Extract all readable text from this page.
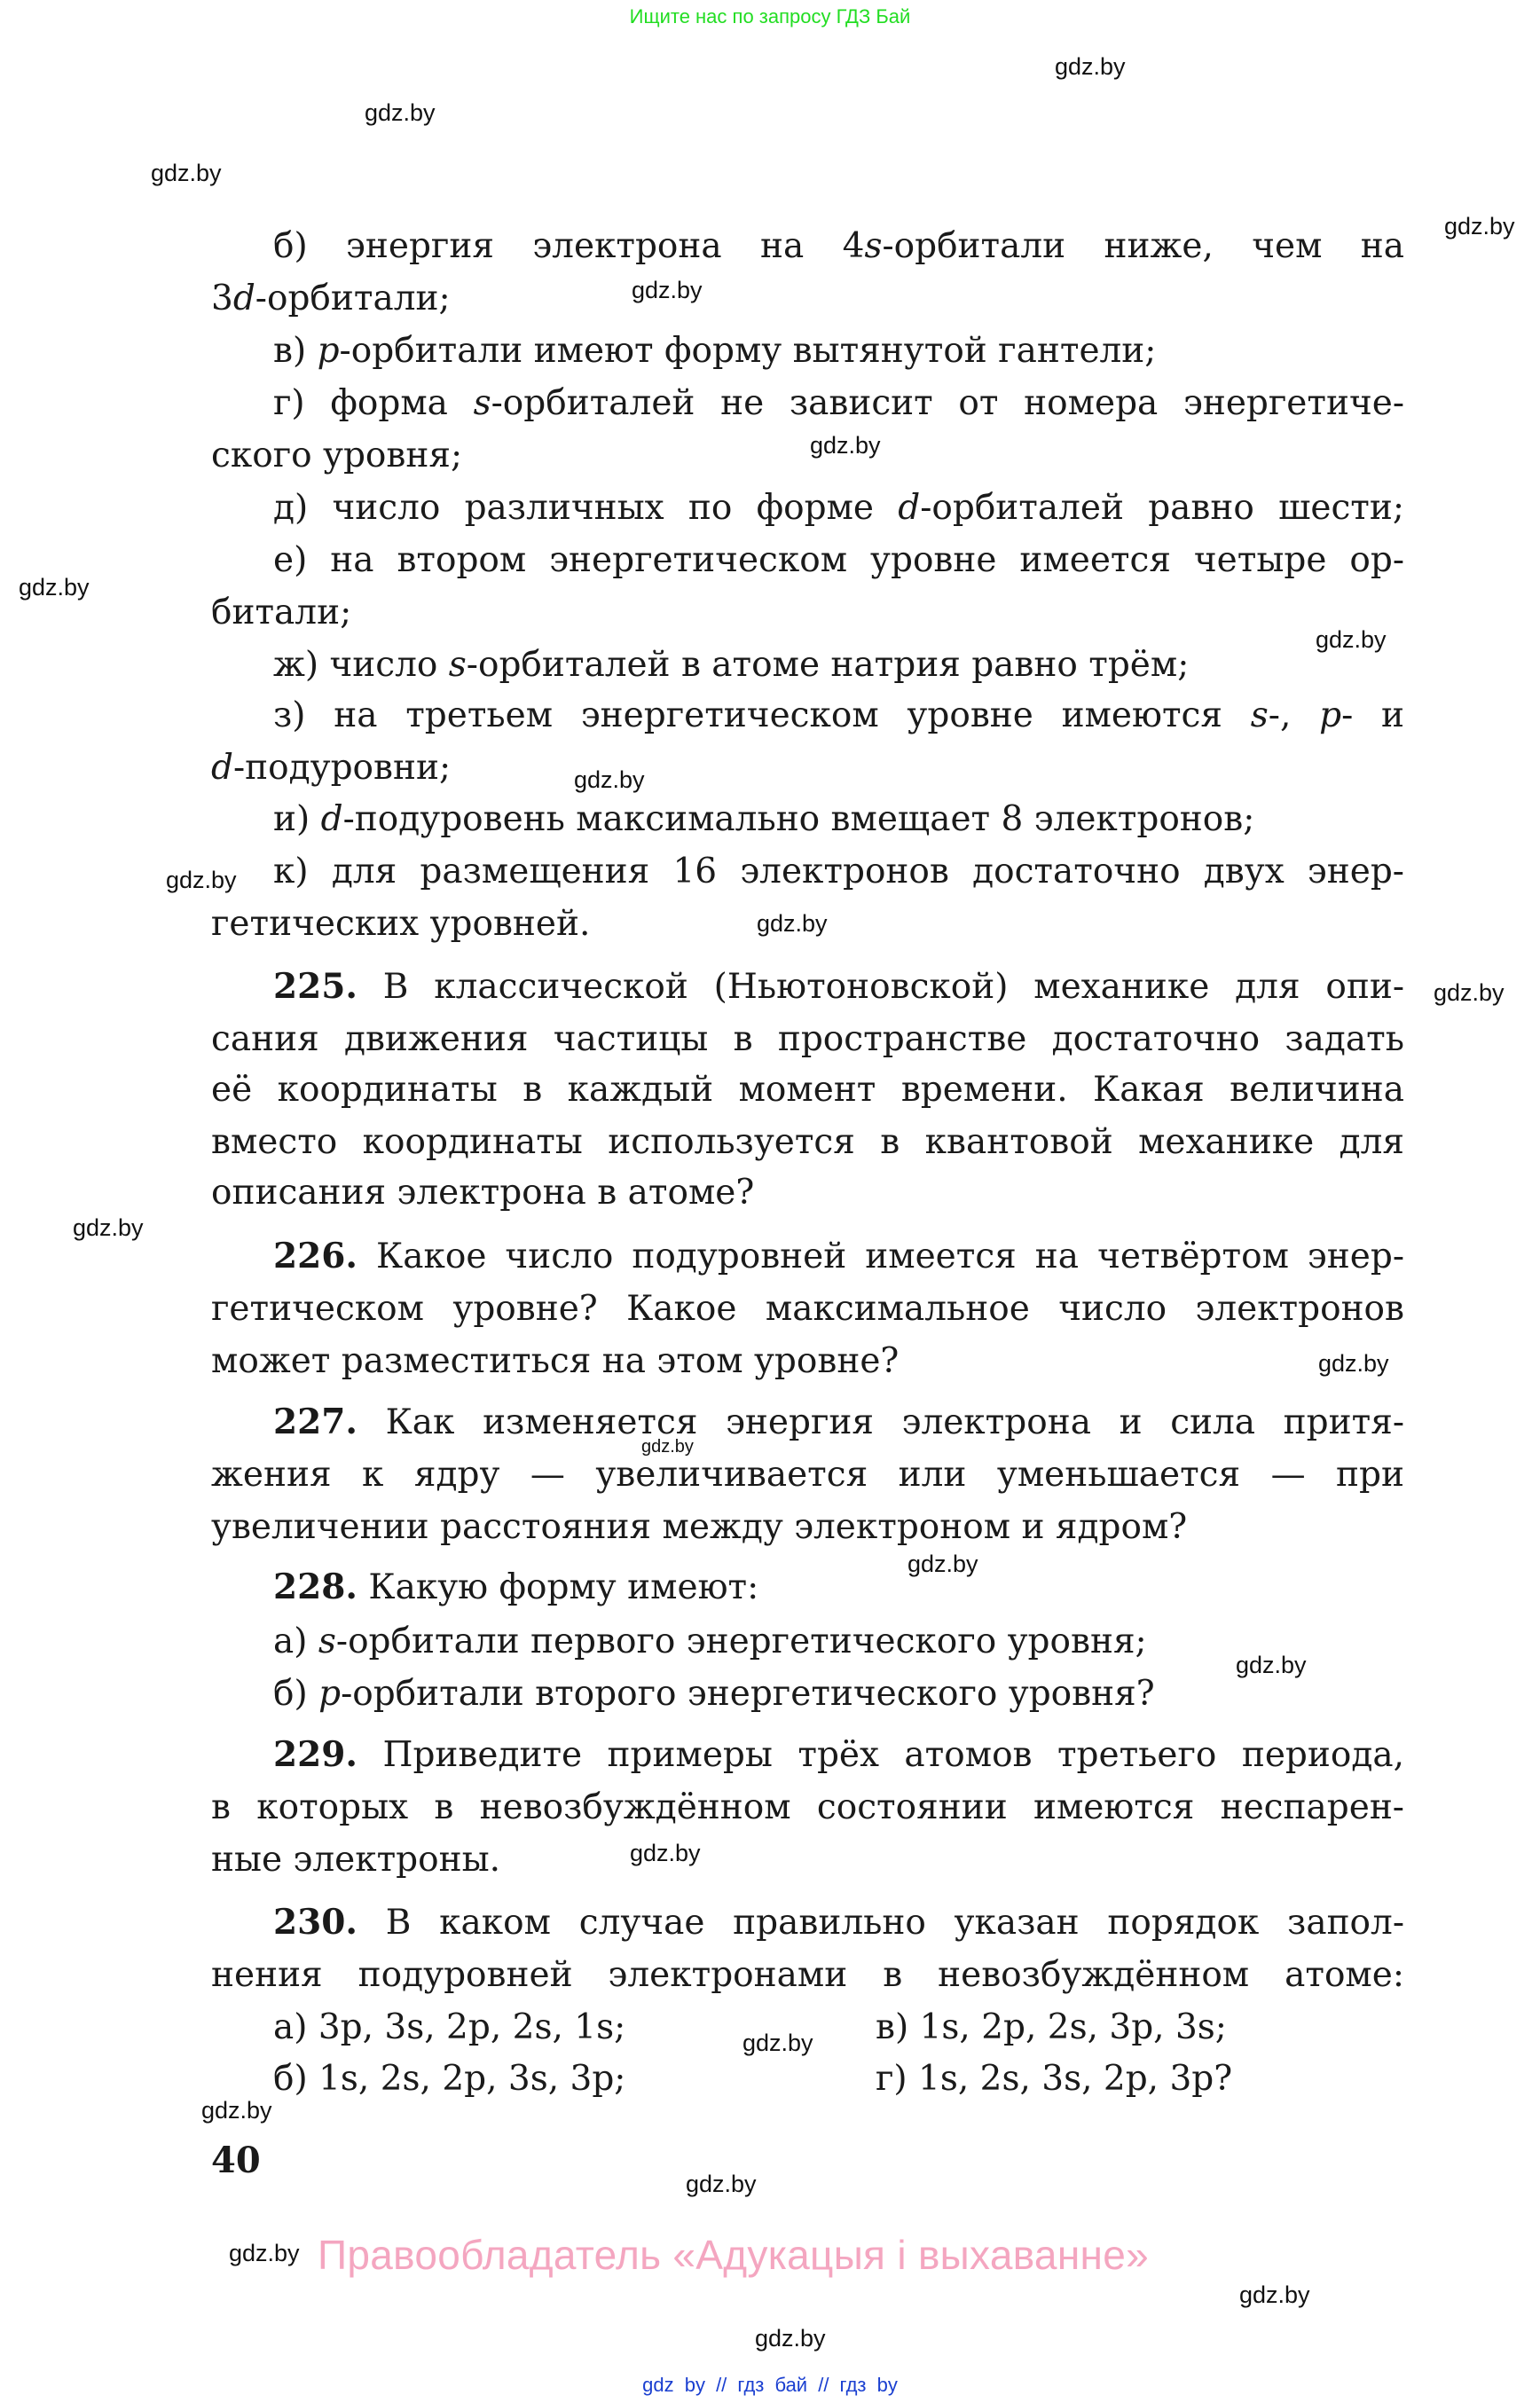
Ищите нас по запросу ГДЗ Бай
gdz.by
gdz.by
gdz.by
gdz.by
gdz.by
gdz.by
gdz.by
gdz.by
gdz.by
gdz.by
gdz.by
gdz.by
gdz.by
gdz.by
gdz.by
gdz.by
gdz.by
gdz.by
gdz.by
gdz.by
gdz.by
gdz.by
gdz.by
gdz.by
б) энергия электрона на 4s-орбитали ниже, чем на
3d-орбитали;
в) p-орбитали имеют форму вытянутой гантели;
г) форма s-орбиталей не зависит от номера энергетиче-
ского уровня;
д) число различных по форме d-орбиталей равно шести;
е) на втором энергетическом уровне имеется четыре ор-
битали;
ж) число s-орбиталей в атоме натрия равно трём;
з) на третьем энергетическом уровне имеются s-, p- и
d-подуровни;
и) d-подуровень максимально вмещает 8 электронов;
к) для размещения 16 электронов достаточно двух энер-
гетических уровней.
225. В классической (Ньютоновской) механике для опи-
сания движения частицы в пространстве достаточно задать
её координаты в каждый момент времени. Какая величина
вместо координаты используется в квантовой механике для
описания электрона в атоме?
226. Какое число подуровней имеется на четвёртом энер-
гетическом уровне? Какое максимальное число электронов
может разместиться на этом уровне?
227. Как изменяется энергия электрона и сила притя-
жения к ядру — увеличивается или уменьшается — при
увеличении расстояния между электроном и ядром?
228. Какую форму имеют:
а) s-орбитали первого энергетического уровня;
б) p-орбитали второго энергетического уровня?
229. Приведите примеры трёх атомов третьего периода,
в которых в невозбуждённом состоянии имеются неспарен-
ные электроны.
230. В каком случае правильно указан порядок запол-
нения подуровней электронами в невозбуждённом атоме:
а) 3p, 3s, 2p, 2s, 1s;	в) 1s, 2p, 2s, 3p, 3s;
б) 1s, 2s, 2p, 3s, 3p;	г) 1s, 2s, 3s, 2p, 3p?
40
Правообладатель «Адукацыя і выхаванне»
gdz by // гдз бай // гдз by
